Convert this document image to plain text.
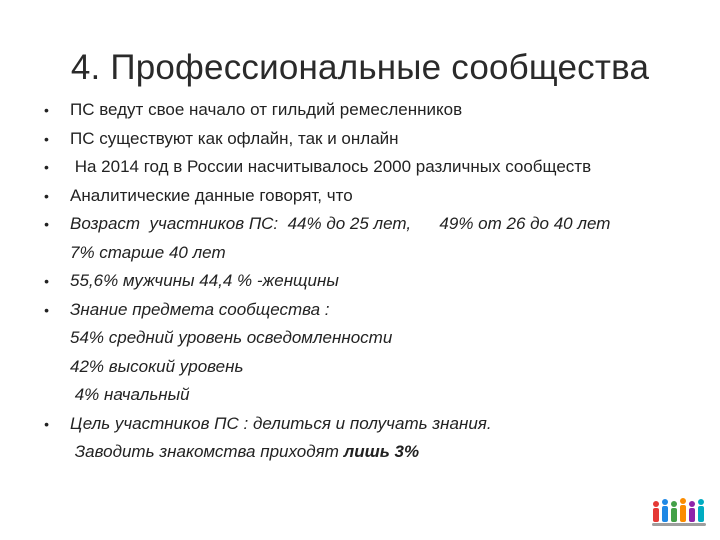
4. Профессиональные сообщества
• ПС ведут свое начало от гильдий ремесленников
• ПС существуют как офлайн, так и онлайн
• На 2014 год в России насчитывалось 2000 различных сообществ
• Аналитические данные говорят, что
• Возраст  участников ПС:  44% до 25 лет,      49% от 26 до 40 лет
7% старше 40 лет
• 55,6% мужчины 44,4 % -женщины
• Знание предмета сообщества :
54% средний уровень осведомленности
42% высокий уровень
4% начальный
• Цель участников ПС : делиться и получать знания.
Заводить знакомства приходят лишь 3%
